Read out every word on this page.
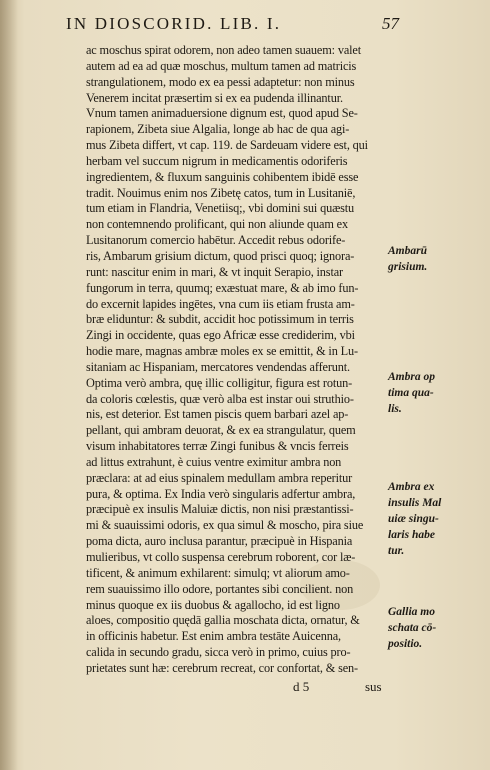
IN DIOSCORID. LIB. I.	57
ac moschus spirat odorem, non adeo tamen suauem: valet
autem ad ea ad quæ moschus, multum tamen ad matricis
strangulationem, modo ex ea pessi adaptetur: non minus
Venerem incitat præsertim si ex ea pudenda illinantur.
Vnum tamen animaduersione dignum est, quod apud Se-
rapionem, Zibeta siue Algalia, longe ab hac de qua agi-
mus Zibeta differt, vt cap. 119. de Sardeuam videre est, qui
herbam vel succum nigrum in medicamentis odoriferis
ingredientem, & fluxum sanguinis cohibentem ibidē esse
tradit. Nouimus enim nos Zibetę catos, tum in Lusitaniē,
tum etiam in Flandria, Venetiisq;, vbi domini sui quæstu
non contemnendo prolificant, qui non aliunde quam ex
Lusitanorum comercio habētur. Accedit rebus odorife-
ris, Ambarum grisium dictum, quod prisci quoq; ignora-
runt: nascitur enim in mari, & vt inquit Serapio, instar
fungorum in terra, quumq; exæstuat mare, & ab imo fun-
do excernit lapides ingētes, vna cum iis etiam frusta am-
bræ eliduntur: & subdit, accidit hoc potissimum in terris
Zingi in occidente, quas ego Africæ esse crediderim, vbi
hodie mare, magnas ambræ moles ex se emittit, & in Lu-
sitaniam ac Hispaniam, mercatores vendendas afferunt.
Optima verò ambra, quę illic colligitur, figura est rotun-
da coloris cœlestis, quæ verò alba est instar oui struthio-
nis, est deterior. Est tamen piscis quem barbari azel ap-
pellant, qui ambram deuorat, & ex ea strangulatur, quem
visum inhabitatores terræ Zingi funibus & vncis ferreis
ad littus extrahunt, è cuius ventre eximitur ambra non
præclara: at ad eius spinalem medullam ambra reperitur
pura, & optima. Ex India verò singularis adfertur ambra,
præcipuè ex insulis Maluiæ dictis, non nisi præstantissi-
mi & suauissimi odoris, ex qua simul & moscho, pira siue
poma dicta, auro inclusa parantur, præcipuè in Hispania
mulieribus, vt collo suspensa cerebrum roborent, cor læ-
tificent, & animum exhilarent: simulq; vt aliorum amo-
rem suauissimo illo odore, portantes sibi concilient. non
minus quoque ex iis duobus & agallocho, id est ligno
aloes, compositio quędā gallia moschata dicta, ornatur, &
in officinis habetur. Est enim ambra testāte Auicenna,
calida in secundo gradu, sicca verò in primo, cuius pro-
prietates sunt hæ: cerebrum recreat, cor confortat, & sen-
Ambarū
grisium.
Ambra op
tima qua-
lis.
Ambra ex
insulis Mal
uiæ singu-
laris habe
tur.
Gallia mo
schata cō-
positio.
d 5	sus
